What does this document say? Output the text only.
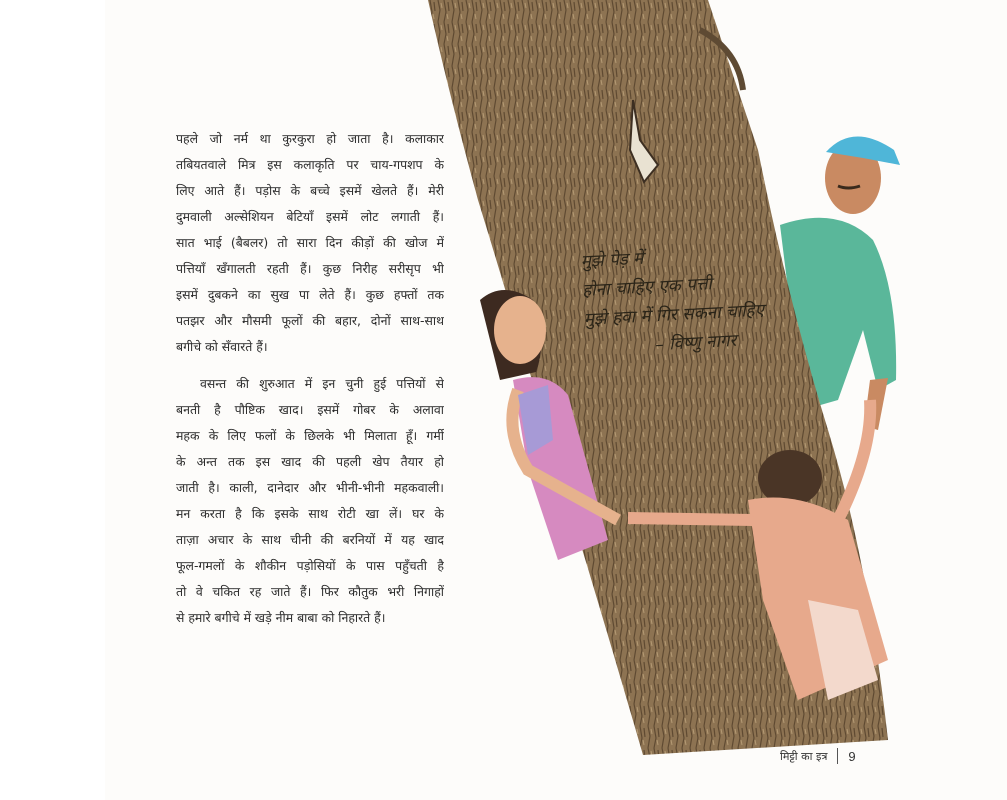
पहले जो नर्म था कुरकुरा हो जाता है। कलाकार
तबियतवाले मित्र इस कलाकृति पर चाय-गपशप के
लिए आते हैं। पड़ोस के बच्चे इसमें खेलते हैं। मेरी
दुमवाली अल्सेशियन बेटियाँ इसमें लोट लगाती हैं।
सात भाई (बैबलर) तो सारा दिन कीड़ों की खोज में
पत्तियाँ खँगालती रहती हैं। कुछ निरीह सरीसृप भी
इसमें दुबकने का सुख पा लेते हैं। कुछ हफ्तों तक
पतझर और मौसमी फूलों की बहार, दोनों साथ-साथ
बगीचे को सँवारते हैं।

वसन्त की शुरुआत में इन चुनी हुई पत्तियों से
बनती है पौष्टिक खाद। इसमें गोबर के अलावा
महक के लिए फलों के छिलके भी मिलाता हूँ। गर्मी
के अन्त तक इस खाद की पहली खेप तैयार हो
जाती है। काली, दानेदार और भीनी-भीनी महकवाली।
मन करता है कि इसके साथ रोटी खा लें। घर के
ताज़ा अचार के साथ चीनी की बरनियों में यह खाद
फूल-गमलों के शौकीन पड़ोसियों के पास पहुँचती है
तो वे चकित रह जाते हैं। फिर कौतुक भरी निगाहों
से हमारे बगीचे में खड़े नीम बाबा को निहारते हैं।

मुझे पेड़ में
होना चाहिए एक पत्ती
मुझे हवा में गिर सकना चाहिए
– विष्णु नागर
मिट्टी का इत्र 9
